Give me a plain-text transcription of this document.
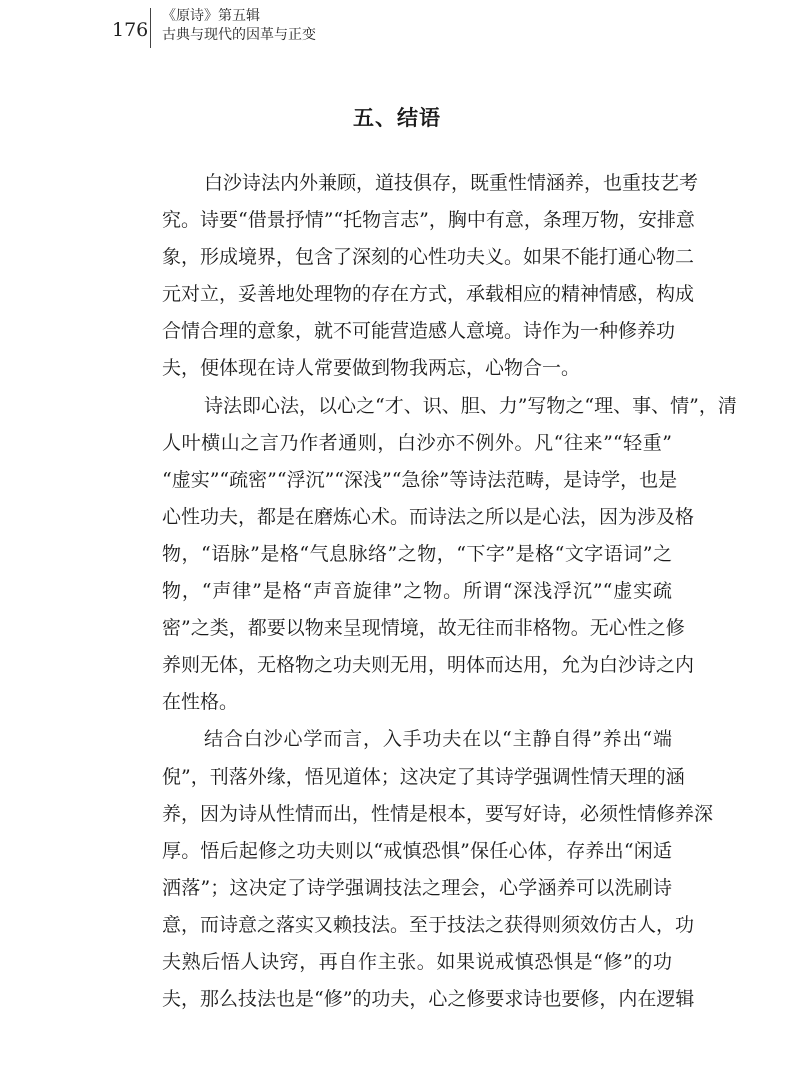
176
《原诗》第五辑
古典与现代的因革与正变
五、结语
白沙诗法内外兼顾，道技俱存，既重性情涵养，也重技艺考
究。诗要“借景抒情”“托物言志”，胸中有意，条理万物，安排意
象，形成境界，包含了深刻的心性功夫义。如果不能打通心物二
元对立，妥善地处理物的存在方式，承载相应的精神情感，构成
合情合理的意象，就不可能营造感人意境。诗作为一种修养功
夫，便体现在诗人常要做到物我两忘，心物合一。
诗法即心法，以心之“才、识、胆、力”写物之“理、事、情”，清
人叶横山之言乃作者通则，白沙亦不例外。凡“往来”“轻重”
“虚实”“疏密”“浮沉”“深浅”“急徐”等诗法范畴，是诗学，也是
心性功夫，都是在磨炼心术。而诗法之所以是心法，因为涉及格
物，“语脉”是格“气息脉络”之物，“下字”是格“文字语词”之
物，“声律”是格“声音旋律”之物。所谓“深浅浮沉”“虚实疏
密”之类，都要以物来呈现情境，故无往而非格物。无心性之修
养则无体，无格物之功夫则无用，明体而达用，允为白沙诗之内
在性格。
结合白沙心学而言，入手功夫在以“主静自得”养出“端
倪”，刊落外缘，悟见道体；这决定了其诗学强调性情天理的涵
养，因为诗从性情而出，性情是根本，要写好诗，必须性情修养深
厚。悟后起修之功夫则以“戒慎恐惧”保任心体，存养出“闲适
洒落”；这决定了诗学强调技法之理会，心学涵养可以洗刷诗
意，而诗意之落实又赖技法。至于技法之获得则须效仿古人，功
夫熟后悟人诀窍，再自作主张。如果说戒慎恐惧是“修”的功
夫，那么技法也是“修”的功夫，心之修要求诗也要修，内在逻辑
